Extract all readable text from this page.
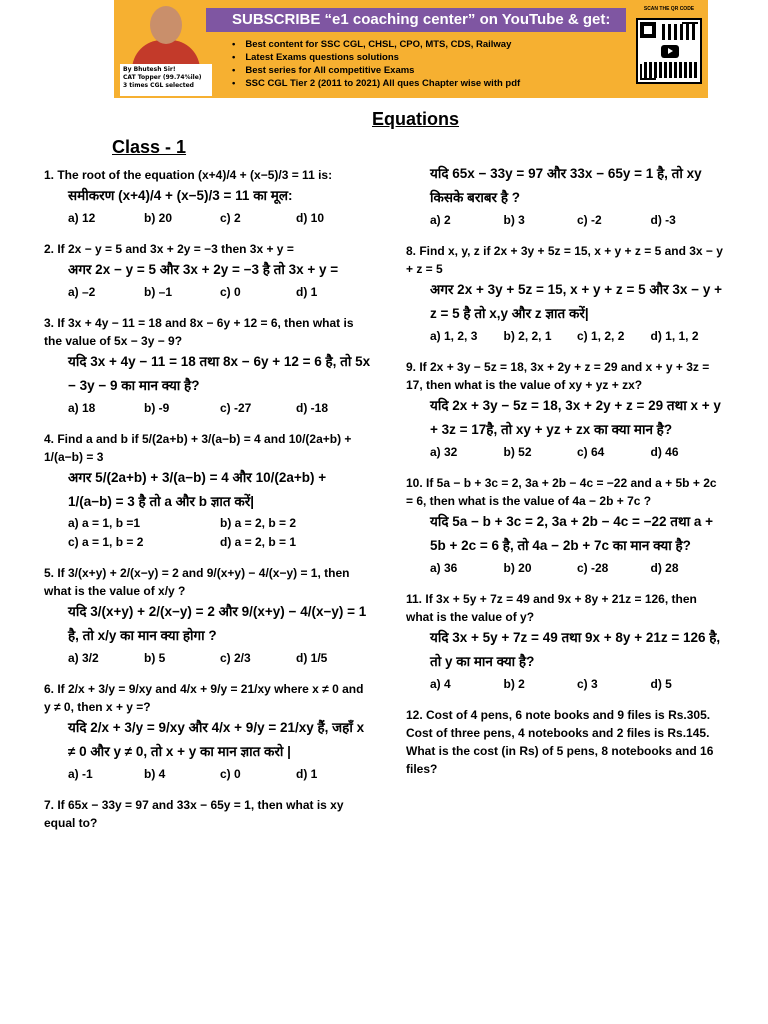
By Bhutesh Sir!
CAT Topper (99.74%ile)
3 times CGL selected
SUBSCRIBE “e1 coaching center” on YouTube & get:
• Best content for SSC CGL, CHSL, CPO, MTS, CDS, Railway
• Latest Exams questions solutions
• Best series for All competitive Exams
• SSC CGL Tier 2 (2011 to 2021) All ques Chapter wise with pdf
SCAN THE QR CODE
Equations
Class - 1
1. The root of the equation (x+4)/4 + (x−5)/3 = 11 is:
समीकरण (x+4)/4 + (x−5)/3 = 11 का मूल:
a) 12	b) 20	c) 2	d) 10
2. If 2x − y = 5 and 3x + 2y = −3 then 3x + y =
अगर 2x − y = 5 और 3x + 2y = −3 है तो 3x + y =
a) –2	b) –1	c) 0	d) 1
3. If 3x + 4y − 11 = 18 and 8x − 6y + 12 = 6, then what is the value of 5x − 3y − 9?
यदि 3x + 4y − 11 = 18 तथा 8x − 6y + 12 = 6 है, तो 5x − 3y − 9 का मान क्या है?
a) 18	b) -9	c) -27	d) -18
4. Find a and b if 5/(2a+b) + 3/(a−b) = 4 and 10/(2a+b) + 1/(a−b) = 3
अगर 5/(2a+b) + 3/(a−b) = 4 और 10/(2a+b) + 1/(a−b) = 3 है तो a और b ज्ञात करें|
a) a = 1, b =1	b) a = 2, b = 2
c) a = 1, b = 2	d) a = 2, b = 1
5. If 3/(x+y) + 2/(x−y) = 2 and 9/(x+y) − 4/(x−y) = 1, then what is the value of x/y ?
यदि 3/(x+y) + 2/(x−y) = 2 और 9/(x+y) − 4/(x−y) = 1 है, तो x/y का मान क्या होगा ?
a) 3/2	b) 5	c) 2/3	d) 1/5
6. If 2/x + 3/y = 9/xy and 4/x + 9/y = 21/xy where x ≠ 0 and y ≠ 0, then x + y =?
यदि 2/x + 3/y = 9/xy और 4/x + 9/y = 21/xy हैं, जहाँ x ≠ 0 और y ≠ 0, तो x + y का मान ज्ञात करो |
a) -1	b) 4	c) 0	d) 1
7. If 65x − 33y = 97 and 33x − 65y = 1, then what is xy equal to?
यदि 65x − 33y = 97 और 33x − 65y = 1 है, तो xy किसके बराबर है ?
a) 2	b) 3	c) -2	d) -3
8. Find x, y, z if 2x + 3y + 5z = 15, x + y + z = 5 and 3x − y + z = 5
अगर 2x + 3y + 5z = 15, x + y + z = 5 और 3x − y + z = 5 है तो x,y और z ज्ञात करें|
a) 1, 2, 3	b) 2, 2, 1	c) 1, 2, 2	d) 1, 1, 2
9. If 2x + 3y − 5z = 18, 3x + 2y + z = 29 and x + y + 3z = 17, then what is the value of xy + yz + zx?
यदि 2x + 3y − 5z = 18, 3x + 2y + z = 29 तथा x + y + 3z = 17है, तो xy + yz + zx का क्या मान है?
a) 32	b) 52	c) 64	d) 46
10. If 5a − b + 3c = 2, 3a + 2b − 4c = −22 and a + 5b + 2c = 6, then what is the value of 4a − 2b + 7c ?
यदि 5a − b + 3c = 2, 3a + 2b − 4c = −22 तथा a + 5b + 2c = 6 है, तो 4a − 2b + 7c का मान क्या है?
a) 36	b) 20	c) -28	d) 28
11. If 3x + 5y + 7z = 49 and 9x + 8y + 21z = 126, then what is the value of y?
यदि 3x + 5y + 7z = 49 तथा 9x + 8y + 21z = 126 है, तो y का मान क्या है?
a) 4	b) 2	c) 3	d) 5
12. Cost of 4 pens, 6 note books and 9 files is Rs.305. Cost of three pens, 4 notebooks and 2 files is Rs.145. What is the cost (in Rs) of 5 pens, 8 notebooks and 16 files?
